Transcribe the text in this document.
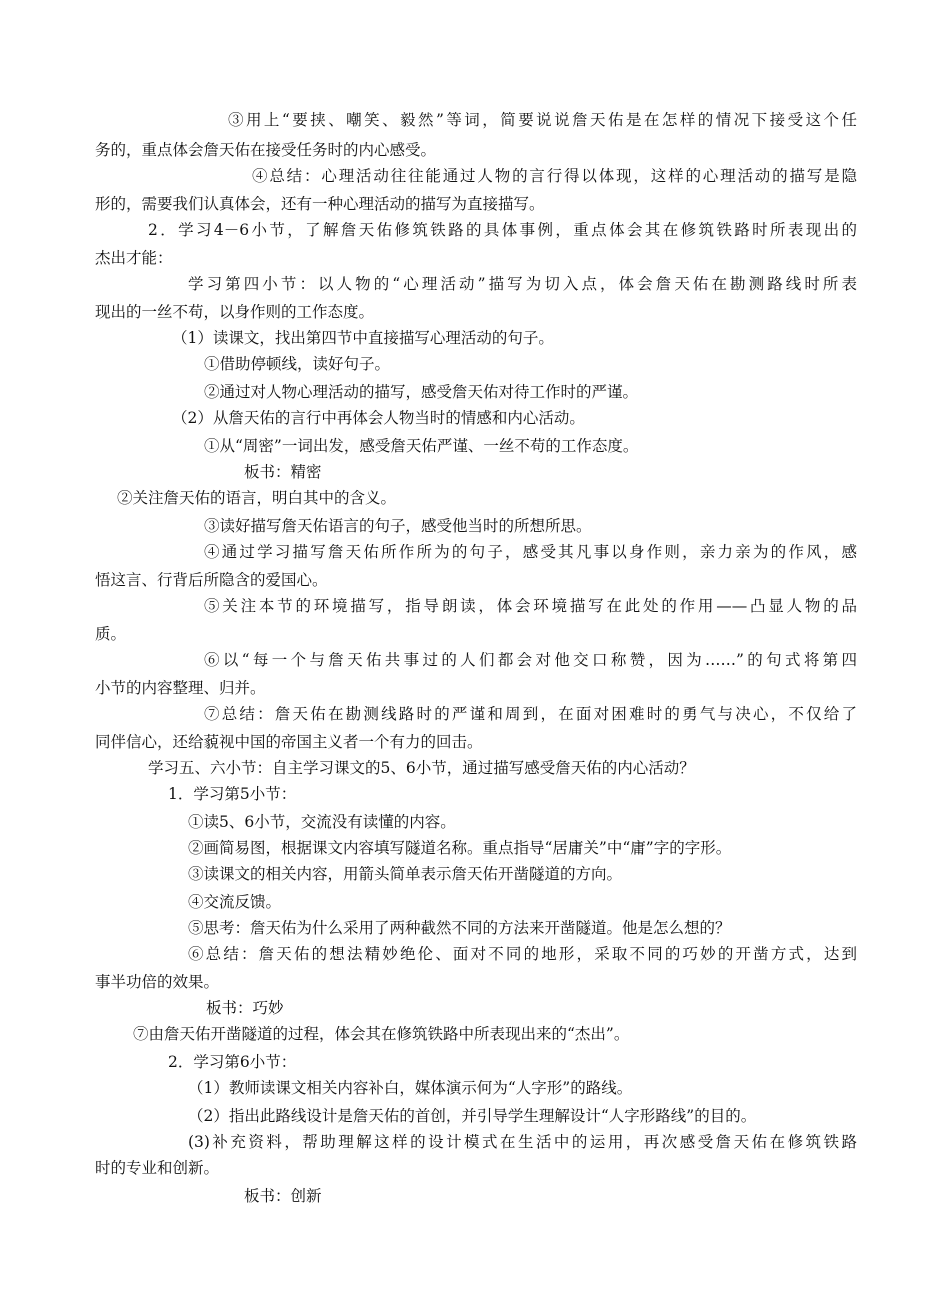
③用上“要挟、嘲笑、毅然”等词，简要说说詹天佑是在怎样的情况下接受这个任
务的，重点体会詹天佑在接受任务时的内心感受。
④总结：心理活动往往能通过人物的言行得以体现，这样的心理活动的描写是隐
形的，需要我们认真体会，还有一种心理活动的描写为直接描写。
2．学习4－6小节，了解詹天佑修筑铁路的具体事例，重点体会其在修筑铁路时所表现出的
杰出才能：
学习第四小节：以人物的“心理活动”描写为切入点，体会詹天佑在勘测路线时所表
现出的一丝不苟，以身作则的工作态度。
（1）读课文，找出第四节中直接描写心理活动的句子。
①借助停顿线，读好句子。
②通过对人物心理活动的描写，感受詹天佑对待工作时的严谨。
（2）从詹天佑的言行中再体会人物当时的情感和内心活动。
①从“周密”一词出发，感受詹天佑严谨、一丝不苟的工作态度。
板书：精密
②关注詹天佑的语言，明白其中的含义。
③读好描写詹天佑语言的句子，感受他当时的所想所思。
④通过学习描写詹天佑所作所为的句子，感受其凡事以身作则，亲力亲为的作风，感
悟这言、行背后所隐含的爱国心。
⑤关注本节的环境描写，指导朗读，体会环境描写在此处的作用——凸显人物的品
质。
⑥以“每一个与詹天佑共事过的人们都会对他交口称赞，因为……”的句式将第四
小节的内容整理、归并。
⑦总结：詹天佑在勘测线路时的严谨和周到，在面对困难时的勇气与决心，不仅给了
同伴信心，还给藐视中国的帝国主义者一个有力的回击。
学习五、六小节：自主学习课文的5、6小节，通过描写感受詹天佑的内心活动？
1．学习第5小节：
①读5、6小节，交流没有读懂的内容。
②画简易图，根据课文内容填写隧道名称。重点指导“居庸关”中“庸”字的字形。
③读课文的相关内容，用箭头简单表示詹天佑开凿隧道的方向。
④交流反馈。
⑤思考：詹天佑为什么采用了两种截然不同的方法来开凿隧道。他是怎么想的？
⑥总结：詹天佑的想法精妙绝伦、面对不同的地形，采取不同的巧妙的开凿方式，达到
事半功倍的效果。
板书：巧妙
⑦由詹天佑开凿隧道的过程，体会其在修筑铁路中所表现出来的“杰出”。
2．学习第6小节：
（1）教师读课文相关内容补白，媒体演示何为“人字形”的路线。
（2）指出此路线设计是詹天佑的首创，并引导学生理解设计“人字形路线”的目的。
(3)补充资料，帮助理解这样的设计模式在生活中的运用，再次感受詹天佑在修筑铁路
时的专业和创新。
板书：创新
